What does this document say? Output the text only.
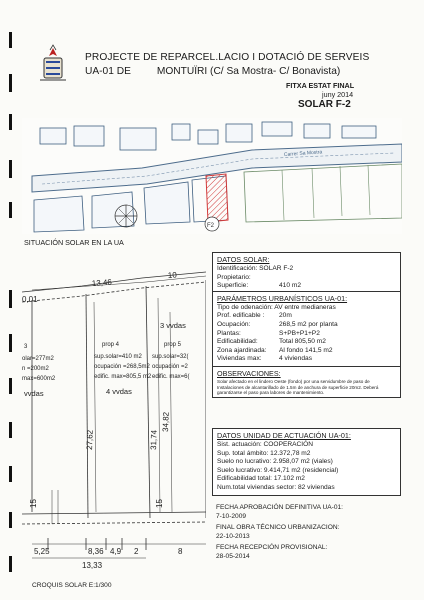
PROJECTE DE REPARCEL.LACIO I DOTACIÓ DE SERVEIS
UA-01 DE	MONTUÏRI (C/ Sa Mostra- C/ Bonavista)
FITXA ESTAT FINAL
juny 2014
SOLAR F-2
Carrer Sa Mostra
F2
SITUACIÓN SOLAR EN LA UA
13,46
10
0,01
27,62	31,74
34,82
15	15
5,25	8,36 4,9 2	8
13,33
3
olar=277m2
n =200m2
max=600m2
prop 4
sup.solar=410 m2
ocupación =268,5m2
edific. max=805,5 m2
prop 5
sup.solar=32(
ocupación =2
edific. max=6(
vvdas	4 vvdas
3 vvdas
CROQUIS SOLAR E:1/300
DATOS SOLAR:
Identificación: SOLAR F-2
Propietario:
Superficie:	410 m2
PARÁMETROS URBANÍSTICOS UA-01:
Tipo de odenación: AV entre medianeras
Prof. edificable : 20m
Ocupación:	268,5 m2 por planta
Plantas:	S+PB+P1+P2
Edificabilidad:	Total 805,50 m2
Zona ajardinada: Al fondo 141,5 m2
Viviendas max:	4 viviendas
OBSERVACIONES:
Solar afectado en el lindero Oeste (fondo) por una servidumbre de paso de Instalaciones de alcantarillado de 1.5m de anchura de superficie 20m2. Deberá garantizarse el paso para labores de mantenimiento.
DATOS UNIDAD DE ACTUACIÓN UA-01:
Sist. actuación: COOPERACIÓN
Sup. total ámbito: 12.372,78 m2
Suelo no lucrativo: 2.958,07 m2 (viales)
Suelo lucrativo: 9.414,71 m2 (residencial)
Edificabilidad total: 17.102 m2
Num.total viviendas sector: 82 viviendas
FECHA APROBACIÓN DEFINITIVA UA-01:
7-10-2009
FINAL OBRA TÉCNICO URBANIZACION:
22-10-2013
FECHA RECEPCIÓN PROVISIONAL:
28-05-2014
